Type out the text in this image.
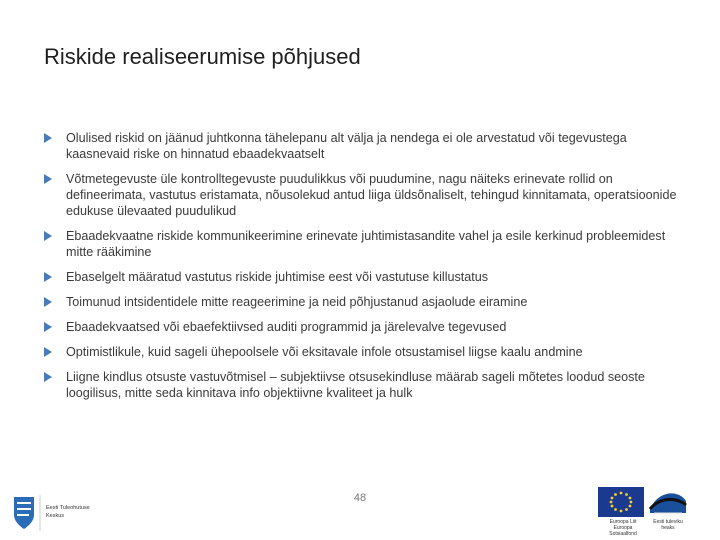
Riskide realiseerumise põhjused
Olulised riskid on jäänud juhtkonna tähelepanu alt välja ja nendega ei ole arvestatud või tegevustega kaasnevaid riske on hinnatud ebaadekvaatselt
Võtmetegevuste üle kontrolltegevuste puudulikkus või puudumine, nagu näiteks erinevate rollid on defineerimata, vastutus eristamata, nõusolekud antud liiga üldsõnaliselt, tehingud kinnitamata, operatsioonide edukuse ülevaated puudulikud
Ebaadekvaatne riskide kommunikeerimine erinevate juhtimistasandite vahel ja esile kerkinud probleemidest mitte rääkimine
Ebaselgelt määratud vastutus riskide juhtimise eest või vastutuse killustatus
Toimunud intsidentidele mitte reageerimine ja neid põhjustanud asjaolude eiramine
Ebaadekvaatsed või ebaefektiivsed auditi programmid ja järelevalve tegevused
Optimistlikule, kuid sageli ühepoolsele või eksitavale infole otsustamisel liigse kaalu andmine
Liigne kindlus otsuste vastuvõtmisel – subjektiivse otsusekindluse määrab sageli mõtetes loodud seoste loogilisus, mitte seda kinnitava info objektiivne kvaliteet ja hulk
48
Eesti Tuleohutuse
Keskus
Euroopa Liit Euroopa Sotsiaalfond
Eesti tuleviku heaks
